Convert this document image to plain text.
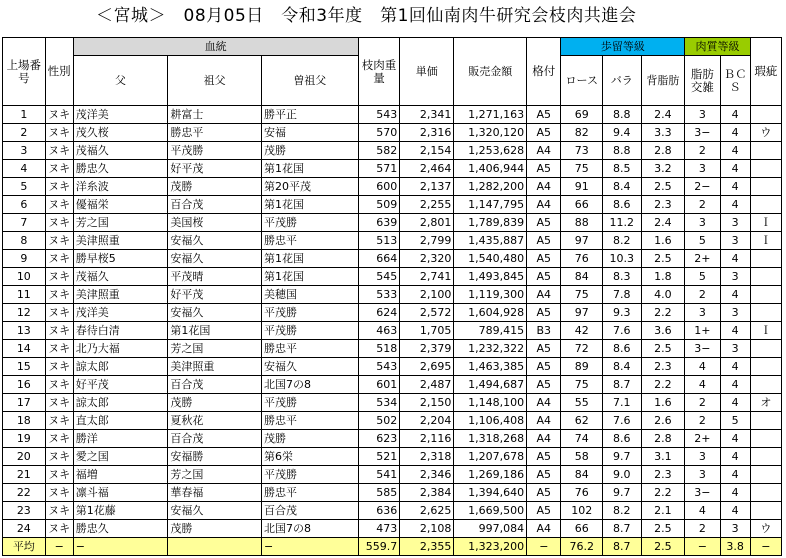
＜宮城＞　08月05日　令和3年度　第1回仙南肉牛研究会枝肉共進会
上場番号	性別	血統			枝肉重量	単価	販売金額	格付	歩留等級			肉質等級		瑕疵
		父	祖父	曽祖父					ロース	バラ	背脂肪	脂肪交雑	ＢＣＳ	
1	ヌキ	茂洋美	耕富士	勝平正	543	2,341	1,271,163	A5	69	8.8	2.4	3	4	
2	ヌキ	茂久桜	勝忠平	安福	570	2,316	1,320,120	A5	82	9.4	3.3	3−	4	ウ
3	ヌキ	茂福久	平茂勝	茂勝	582	2,154	1,253,628	A4	73	8.8	2.8	2	4	
4	ヌキ	勝忠久	好平茂	第1花国	571	2,464	1,406,944	A5	75	8.5	3.2	3	4	
5	ヌキ	洋糸波	茂勝	第20平茂	600	2,137	1,282,200	A4	91	8.4	2.5	2−	4	
6	ヌキ	優福栄	百合茂	第1花国	509	2,255	1,147,795	A4	66	8.6	2.3	2	4	
7	ヌキ	芳之国	美国桜	平茂勝	639	2,801	1,789,839	A5	88	11.2	2.4	3	3	Ｉ
8	ヌキ	美津照重	安福久	勝忠平	513	2,799	1,435,887	A5	97	8.2	1.6	5	3	Ｉ
9	ヌキ	勝早桜5	安福久	第1花国	664	2,320	1,540,480	A5	76	10.3	2.5	2+	4	
10	ヌキ	茂福久	平茂晴	第1花国	545	2,741	1,493,845	A5	84	8.3	1.8	5	3	
11	ヌキ	美津照重	好平茂	美穂国	533	2,100	1,119,300	A4	75	7.8	4.0	2	4	
12	ヌキ	茂洋美	安福久	平茂勝	624	2,572	1,604,928	A5	97	9.3	2.2	3	3	
13	ヌキ	春待白清	第1花国	平茂勝	463	1,705	789,415	B3	42	7.6	3.6	1+	4	Ｉ
14	ヌキ	北乃大福	芳之国	勝忠平	518	2,379	1,232,322	A5	72	8.6	2.5	3−	3	
15	ヌキ	諒太郎	美津照重	安福久	543	2,695	1,463,385	A5	89	8.4	2.3	4	4	
16	ヌキ	好平茂	百合茂	北国7の8	601	2,487	1,494,687	A5	75	8.7	2.2	4	4	
17	ヌキ	諒太郎	茂勝	平茂勝	534	2,150	1,148,100	A4	55	7.1	1.6	2	4	オ
18	ヌキ	直太郎	夏秋花	勝忠平	502	2,204	1,106,408	A4	62	7.6	2.6	2	5	
19	ヌキ	勝洋	百合茂	茂勝	623	2,116	1,318,268	A4	74	8.6	2.8	2+	4	
20	ヌキ	愛之国	安福勝	第6栄	521	2,318	1,207,678	A5	58	9.7	3.1	3	4	
21	ヌキ	福増	芳之国	平茂勝	541	2,346	1,269,186	A5	84	9.0	2.3	3	4	
22	ヌキ	凛斗福	華春福	勝忠平	585	2,384	1,394,640	A5	76	9.7	2.2	3−	4	
23	ヌキ	第1花藤	安福久	百合茂	636	2,625	1,669,500	A5	102	8.2	2.1	4	4	
24	ヌキ	勝忠久	茂勝	北国7の8	473	2,108	997,084	A4	66	8.7	2.5	2	3	ウ
平均	−	−		−	559.7	2,355	1,323,200	−	76.2	8.7	2.5	−	3.8	−
